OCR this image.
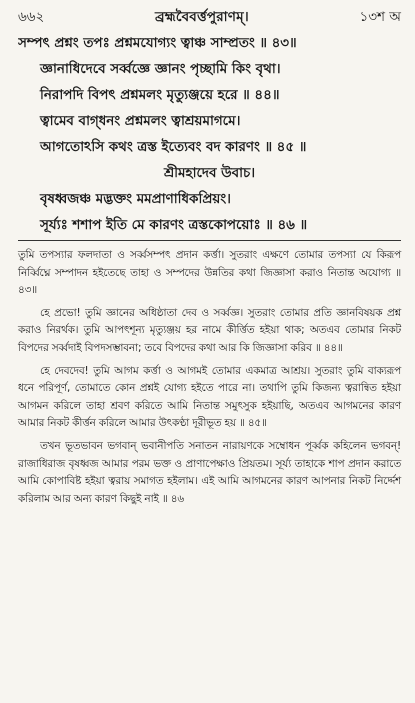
৬৬২	ব্রহ্মবৈবর্ত্তপুরাণম্।	১৩শ অ
সম্পৎ প্রশ্নং তপঃ প্রশ্নমযোগ্যং ত্বাঞ্চ সাম্প্রতং ॥ ৪৩॥
জ্ঞানাধিদেবে সর্ব্বজ্ঞে জ্ঞানং পৃচ্ছামি কিং বৃথা।
নিরাপদি বিপৎ প্রশ্নমলং মৃত্যুঞ্জয়ে হরে ॥ ৪৪॥
ত্বামেব বাগ্‌ধনং প্রশ্নমলং ত্বাশ্রয়মাগমে।
আগতোঽসি কথং ত্রস্ত ইত্যেবং বদ কারণং ॥ ৪৫ ॥
শ্রীমহাদেব উবাচ।
বৃষধ্বজঞ্চ মদ্ভক্তং মমপ্রাণাধিকপ্রিয়ং।
সূর্য্যঃ শশাপ ইতি মে কারণং ত্রস্তকোপয়োঃ ॥ ৪৬ ॥

তুমি তপস্যার ফলদাতা ও সর্ব্বসম্পৎ প্রদান কর্ত্তা। সুতরাং এক্ষণে তোমার তপস্যা যে কিরূপ নির্ব্বিঘ্নে সম্পাদন হইতেছে তাহা ও সম্পদের উন্নতির কথা জিজ্ঞাসা করাও নিতান্ত অযোগ্য ॥ ৪৩॥

হে প্রভো! তুমি জ্ঞানের অধিষ্ঠাতা দেব ও সর্ব্বজ্ঞ। সুতরাং তোমার প্রতি জ্ঞানবিষয়ক প্রশ্ন করাও নিরর্থক। তুমি আপৎশূন্য মৃত্যুঞ্জয় হর নামে কীর্ত্তিত হইয়া থাক; অতএব তোমার নিকট বিপদের সর্ব্বদাই বিপদসম্ভাবনা; তবে বিপদের কথা আর কি জিজ্ঞাসা করিব ॥ ৪৪॥

হে দেবদেব! তুমি আগম কর্ত্তা ও আগমই তোমার একমাত্র আশ্রয়। সুতরাং তুমি বাক্যরূপ ধনে পরিপূর্ণ, তোমাতে কোন প্রশ্নই যোগ্য হইতে পারে না। তথাপি তুমি কিজন্য ত্বরান্বিত হইয়া আগমন করিলে তাহা শ্রবণ করিতে আমি নিতান্ত সমুৎসুক হইয়াছি, অতএব আগমনের কারণ আমার নিকট কীর্ত্তন করিলে আমার উৎকণ্ঠা দূরীভূত হয় ॥ ৪৫॥

তখন ভূতভাবন ভগবান্ ভবানীপতি সনাতন নারায়ণকে সম্বোধন পূর্ব্বক কহিলেন ভগবন্! রাজাধিরাজ বৃষধ্বজ আমার পরম ভক্ত ও প্রাণাপেক্ষাও প্রিয়তম। সূর্য্য তাহাকে শাপ প্রদান করাতে আমি কোপাবিষ্ট হইয়া ত্বরায় সমাগত হইলাম। এই আমি আগমনের কারণ আপনার নিকট নির্দ্দেশ করিলাম আর অন্য কারণ কিছুই নাই ॥ ৪৬
